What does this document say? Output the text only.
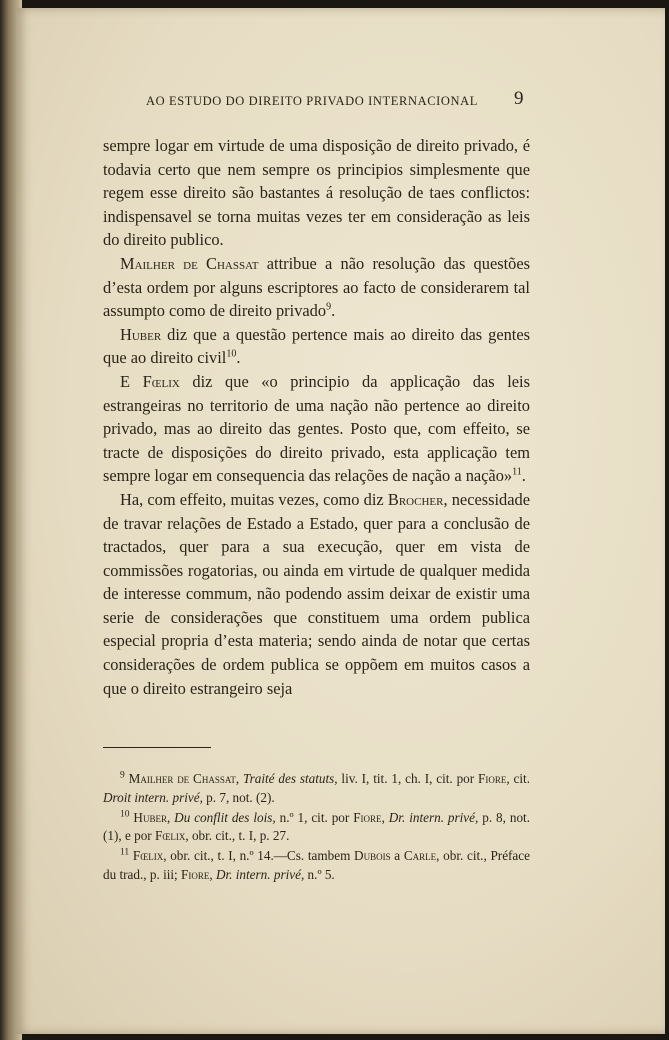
AO ESTUDO DO DIREITO PRIVADO INTERNACIONAL	9

sempre logar em virtude de uma disposição de direito privado, é todavia certo que nem sempre os principios simplesmente que regem esse direito são bastantes á resolução de taes conflictos: indispensavel se torna muitas vezes ter em consideração as leis do direito publico.

Mailher de Chassat attribue a não resolução das questões d’esta ordem por alguns escriptores ao facto de considerarem tal assumpto como de direito privado$^9$.

Huber diz que a questão pertence mais ao direito das gentes que ao direito civil$^{10}$.

E Fœlix diz que «o principio da applicação das leis estrangeiras no territorio de uma nação não pertence ao direito privado, mas ao direito das gentes. Posto que, com effeito, se tracte de disposições do direito privado, esta applicação tem sempre logar em consequencia das relações de nação a nação»$^{11}$.

Ha, com effeito, muitas vezes, como diz Brocher, necessidade de travar relações de Estado a Estado, quer para a conclusão de tractados, quer para a sua execução, quer em vista de commissões rogatorias, ou ainda em virtude de qualquer medida de interesse commum, não podendo assim deixar de existir uma serie de considerações que constituem uma ordem publica especial propria d’esta materia; sendo ainda de notar que certas considerações de ordem publica se oppõem em muitos casos a que o direito estrangeiro seja

$^9$ Mailher de Chassat, Traité des statuts, liv. I, tit. 1, ch. I, cit. por Fiore, cit. Droit intern. privé, p. 7, not. (2).

$^{10}$ Huber, Du conflit des lois, n.º 1, cit. por Fiore, Dr. intern. privé, p. 8, not. (1), e por Fœlix, obr. cit., t. I, p. 27.

$^{11}$ Fœlix, obr. cit., t. I, n.º 14.—Cs. tambem Dubois a Carle, obr. cit., Préface du trad., p. iii; Fiore, Dr. intern. privé, n.º 5.
